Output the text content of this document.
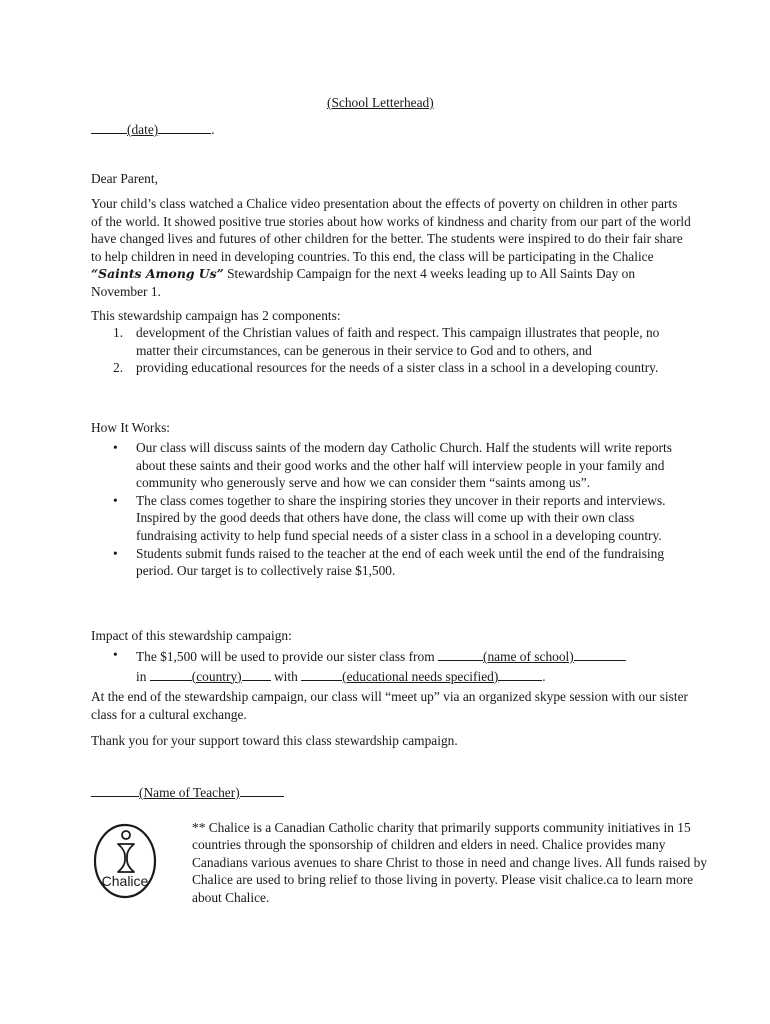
(School Letterhead)
(date)	.
Dear Parent,

Your child’s class watched a Chalice video presentation about the effects of poverty on children in other parts of the world. It showed positive true stories about how works of kindness and charity from our part of the world have changed lives and futures of other children for the better. The students were inspired to do their fair share to help children in need in developing countries. To this end, the class will be participating in the Chalice “Saints Among Us” Stewardship Campaign for the next 4 weeks leading up to All Saints Day on November 1.

This stewardship campaign has 2 components:
1. development of the Christian values of faith and respect. This campaign illustrates that people, no matter their circumstances, can be generous in their service to God and to others, and
2. providing educational resources for the needs of a sister class in a school in a developing country.
How It Works:
•	Our class will discuss saints of the modern day Catholic Church. Half the students will write reports about these saints and their good works and the other half will interview people in your family and community who generously serve and how we can consider them “saints among us”.
•	The class comes together to share the inspiring stories they uncover in their reports and interviews. Inspired by the good deeds that others have done, the class will come up with their own class fundraising activity to help fund special needs of a sister class in a school in a developing country.
•	Students submit funds raised to the teacher at the end of each week until the end of the fundraising period. Our target is to collectively raise $1,500.
Impact of this stewardship campaign:
•	The $1,500 will be used to provide our sister class from	(name of school)
in	(country) with	(educational needs specified)	.
At the end of the stewardship campaign, our class will “meet up” via an organized skype session with our sister class for a cultural exchange.
Thank you for your support toward this class stewardship campaign.
(Name of Teacher)
Chalice
** Chalice is a Canadian Catholic charity that primarily supports community initiatives in 15 countries through the sponsorship of children and elders in need. Chalice provides many Canadians various avenues to share Christ to those in need and change lives. All funds raised by Chalice are used to bring relief to those living in poverty. Please visit chalice.ca to learn more about Chalice.
